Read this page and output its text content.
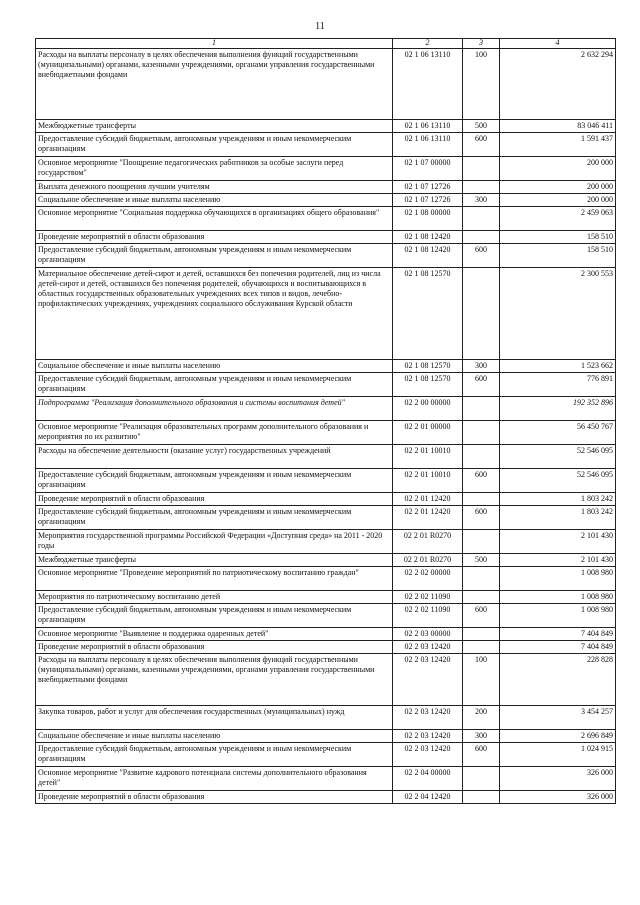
11
1	2	3	4
Расходы на выплаты персоналу в целях обеспечения выполнения функций государственными (муниципальными) органами, казенными учреждениями, органами управления государственными внебюджетными фондами	02 1 06 13110	100	2 632 294
Межбюджетные трансферты	02 1 06 13110	500	83 046 411
Предоставление субсидий бюджетным, автономным учреждениям и иным некоммерческим организациям	02 1 06 13110	600	1 591 437
Основное мероприятие "Поощрение педагогических работников за особые заслуги перед государством"	02 1 07 00000		200 000
Выплата денежного поощрения лучшим учителям	02 1 07 12726		200 000
Социальное обеспечение и иные выплаты населению	02 1 07 12726	300	200 000
Основное мероприятие "Социальная поддержка обучающихся в организациях общего образования"	02 1 08 00000		2 459 063
Проведение мероприятий в области образования	02 1 08 12420		158 510
Предоставление субсидий бюджетным, автономным учреждениям и иным некоммерческим организациям	02 1 08 12420	600	158 510
Материальное обеспечение детей-сирот и детей, оставшихся без попечения родителей, лиц из числа детей-сирот и детей, оставшихся без попечения родителей, обучающихся и воспитывающихся в областных государственных образовательных учреждениях всех типов и видов, лечебно-профилактических учреждениях, учреждениях социального обслуживания Курской области	02 1 08 12570		2 300 553
Социальное обеспечение и иные выплаты населению	02 1 08 12570	300	1 523 662
Предоставление субсидий бюджетным, автономным учреждениям и иным некоммерческим организациям	02 1 08 12570	600	776 891
Подпрограмма "Реализация дополнительного образования и системы воспитания детей"	02 2 00 00000		192 352 896
Основное мероприятие "Реализация образовательных программ дополнительного образования и мероприятия по их развитию"	02 2 01 00000		56 450 767
Расходы на обеспечение деятельности (оказание услуг) государственных учреждений	02 2 01 10010		52 546 095
Предоставление субсидий бюджетным, автономным учреждениям и иным некоммерческим организациям	02 2 01 10010	600	52 546 095
Проведение мероприятий в области образования	02 2 01 12420		1 803 242
Предоставление субсидий бюджетным, автономным учреждениям и иным некоммерческим организациям	02 2 01 12420	600	1 803 242
Мероприятия государственной программы Российской Федерации «Доступная среда» на 2011 - 2020 годы	02 2 01 R0270		2 101 430
Межбюджетные трансферты	02 2 01 R0270	500	2 101 430
Основное мероприятие "Проведение мероприятий по патриотическому воспитанию граждан"	02 2 02 00000		1 008 980
Мероприятия по патриотическому воспитанию детей	02 2 02 11090		1 008 980
Предоставление субсидий бюджетным, автономным учреждениям и иным некоммерческим организациям	02 2 02 11090	600	1 008 980
Основное мероприятие "Выявление и поддержка одаренных детей"	02 2 03 00000		7 404 849
Проведение мероприятий в области образования	02 2 03 12420		7 404 849
Расходы на выплаты персоналу в целях обеспечения выполнения функций государственными (муниципальными) органами, казенными учреждениями, органами управления государственными внебюджетными фондами	02 2 03 12420	100	228 828
Закупка товаров, работ и услуг для обеспечения государственных (муниципальных) нужд	02 2 03 12420	200	3 454 257
Социальное обеспечение и иные выплаты населению	02 2 03 12420	300	2 696 849
Предоставление субсидий бюджетным, автономным учреждениям и иным некоммерческим организациям	02 2 03 12420	600	1 024 915
Основное мероприятие "Развитие кадрового потенциала системы дополнительного образования детей"	02 2 04 00000		326 000
Проведение мероприятий в области образования	02 2 04 12420		326 000
